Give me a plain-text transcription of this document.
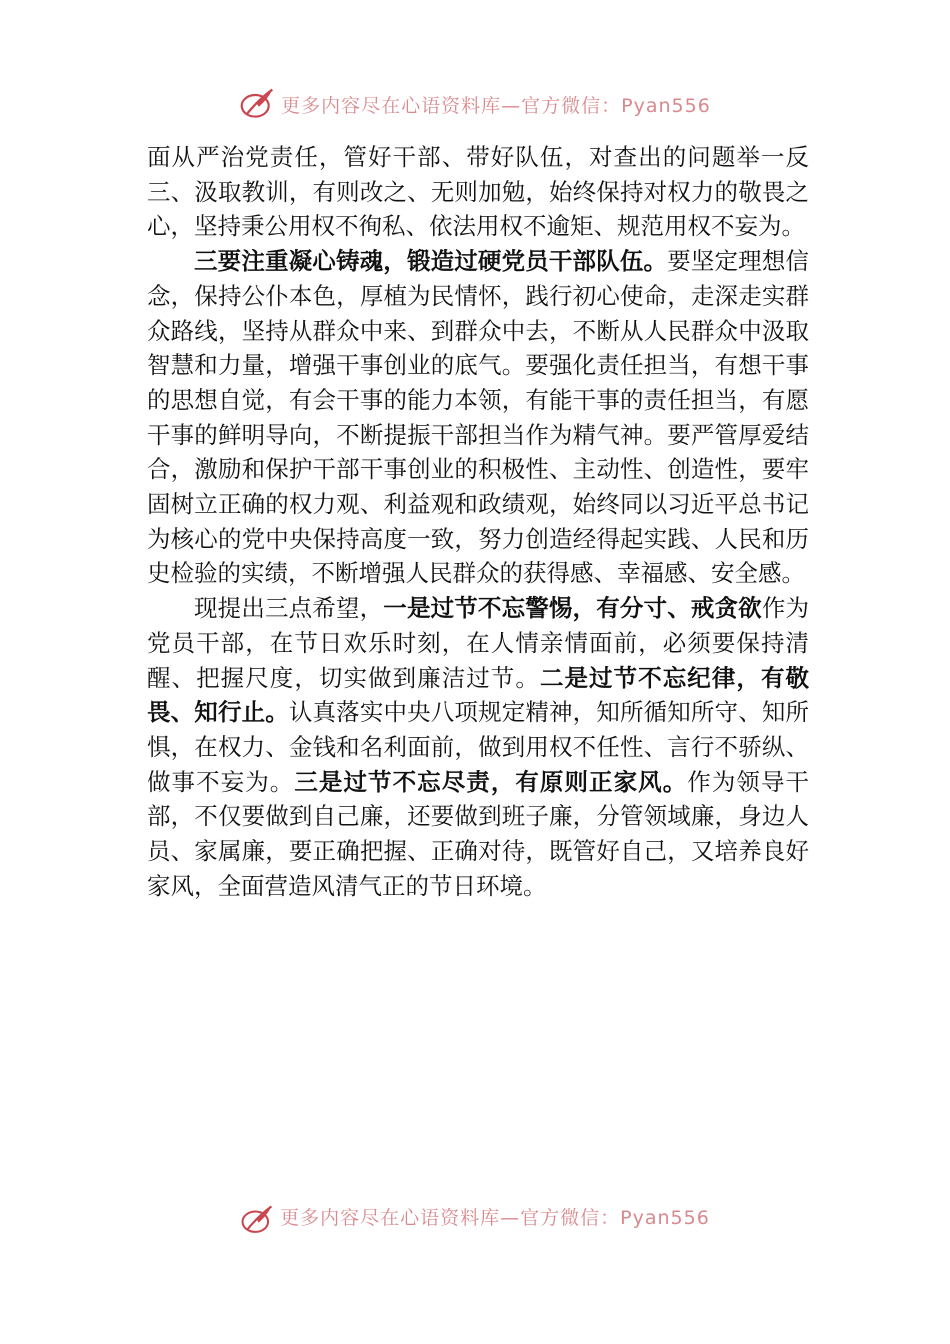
更多内容尽在心语资料库—官方微信：Pyan556

面从严治党责任，管好干部、带好队伍，对查出的问题举一反三、汲取教训，有则改之、无则加勉，始终保持对权力的敬畏之心，坚持秉公用权不徇私、依法用权不逾矩、规范用权不妄为。

三要注重凝心铸魂，锻造过硬党员干部队伍。要坚定理想信念，保持公仆本色，厚植为民情怀，践行初心使命，走深走实群众路线，坚持从群众中来、到群众中去，不断从人民群众中汲取智慧和力量，增强干事创业的底气。要强化责任担当，有想干事的思想自觉，有会干事的能力本领，有能干事的责任担当，有愿干事的鲜明导向，不断提振干部担当作为精气神。要严管厚爱结合，激励和保护干部干事创业的积极性、主动性、创造性，要牢固树立正确的权力观、利益观和政绩观，始终同以习近平总书记为核心的党中央保持高度一致，努力创造经得起实践、人民和历史检验的实绩，不断增强人民群众的获得感、幸福感、安全感。

现提出三点希望，一是过节不忘警惕，有分寸、戒贪欲作为党员干部，在节日欢乐时刻，在人情亲情面前，必须要保持清醒、把握尺度，切实做到廉洁过节。二是过节不忘纪律，有敬畏、知行止。认真落实中央八项规定精神，知所循知所守、知所惧，在权力、金钱和名利面前，做到用权不任性、言行不骄纵、做事不妄为。三是过节不忘尽责，有原则正家风。作为领导干部，不仅要做到自己廉，还要做到班子廉，分管领域廉，身边人员、家属廉，要正确把握、正确对待，既管好自己，又培养良好家风，全面营造风清气正的节日环境。

更多内容尽在心语资料库—官方微信：Pyan556
